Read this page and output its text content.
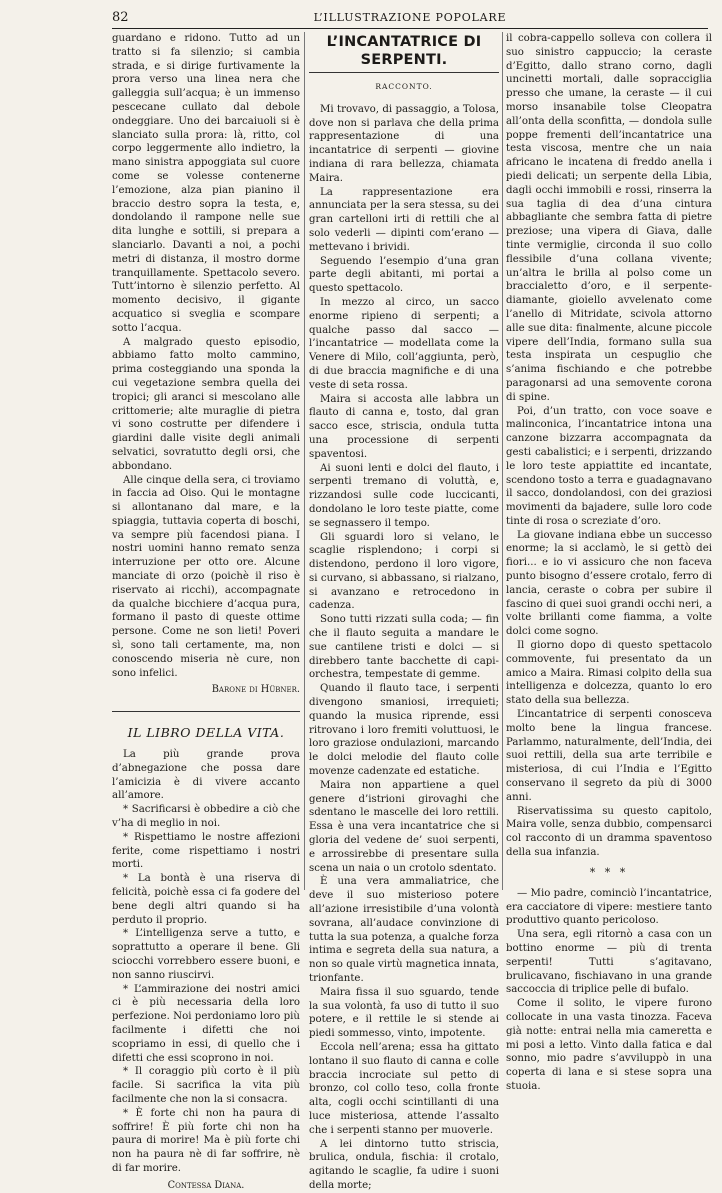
82	L’ILLUSTRAZIONE POPOLARE

guardano e ridono. Tutto ad un tratto si fa silenzio; si cambia strada, e si dirige furtivamente la prora verso una linea nera che galleggia sull’acqua; è un immenso pescecane cullato dal debole ondeggiare. Uno dei barcaiuoli si è slanciato sulla prora: là, ritto, col corpo leggermente allo indietro, la mano sinistra appoggiata sul cuore come se volesse contenerne l’emozione, alza pian pianino il braccio destro sopra la testa, e, dondolando il rampone nelle sue dita lunghe e sottili, si prepara a slanciarlo. Davanti a noi, a pochi metri di distanza, il mostro dorme tranquillamente. Spettacolo severo. Tutt’intorno è silenzio perfetto. Al momento decisivo, il gigante acquatico si sveglia e scompare sotto l’acqua.

A malgrado questo episodio, abbiamo fatto molto cammino, prima costeggiando una sponda la cui vegetazione sembra quella dei tropici; gli aranci si mescolano alle crittomerie; alte muraglie di pietra vi sono costrutte per difendere i giardini dalle visite degli animali selvatici, sovratutto degli orsi, che abbondano.

Alle cinque della sera, ci troviamo in faccia ad Oiso. Qui le montagne si allontanano dal mare, e la spiaggia, tuttavia coperta di boschi, va sempre più facendosi piana. I nostri uomini hanno remato senza interruzione per otto ore. Alcune manciate di orzo (poichè il riso è riservato ai ricchi), accompagnate da qualche bicchiere d’acqua pura, formano il pasto di queste ottime persone. Come ne son lieti! Poveri sì, sono tali certamente, ma, non conoscendo miseria nè cure, non sono infelici.

Barone di Hübner.
IL LIBRO DELLA VITA.

La più grande prova d’abnegazione che possa dare l’amicizia è di vivere accanto all’amore.

* Sacrificarsi è obbedire a ciò che v’ha di meglio in noi.

* Rispettiamo le nostre affezioni ferite, come rispettiamo i nostri morti.

* La bontà è una riserva di felicità, poichè essa ci fa godere del bene degli altri quando si ha perduto il proprio.

* L’intelligenza serve a tutto, e soprattutto a operare il bene. Gli sciocchi vorrebbero essere buoni, e non sanno riuscirvi.

* L’ammirazione dei nostri amici ci è più necessaria della loro perfezione. Noi perdoniamo loro più facilmente i difetti che noi scopriamo in essi, di quello che i difetti che essi scoprono in noi.

* Il coraggio più corto è il più facile. Si sacrifica la vita più facilmente che non la si consacra.

* È forte chi non ha paura di soffrire! È più forte chi non ha paura di morire! Ma è più forte chi non ha paura nè di far soffrire, nè di far morire.

Contessa Diana.
L’INCANTATRICE DI SERPENTI.
RACCONTO.

Mi trovavo, di passaggio, a Tolosa, dove non si parlava che della prima rappresentazione di una incantatrice di serpenti — giovine indiana di rara bellezza, chiamata Maira.

La rappresentazione era annunciata per la sera stessa, su dei gran cartelloni irti di rettili che al solo vederli — dipinti com’erano — mettevano i brividi.

Seguendo l’esempio d’una gran parte degli abitanti, mi portai a questo spettacolo.

In mezzo al circo, un sacco enorme ripieno di serpenti; a qualche passo dal sacco — l’incantatrice — modellata come la Venere di Milo, coll’aggiunta, però, di due braccia magnifiche e di una veste di seta rossa.

Maira si accosta alle labbra un flauto di canna e, tosto, dal gran sacco esce, striscia, ondula tutta una processione di serpenti spaventosi.

Ai suoni lenti e dolci del flauto, i serpenti tremano di voluttà, e, rizzandosi sulle code luccicanti, dondolano le loro teste piatte, come se segnassero il tempo.

Gli sguardi loro si velano, le scaglie risplendono; i corpi si distendono, perdono il loro vigore, si curvano, si abbassano, si rialzano, si avanzano e retrocedono in cadenza.

Sono tutti rizzati sulla coda; — fin che il flauto seguita a mandare le sue cantilene tristi e dolci — si direbbero tante bacchette di capi-orchestra, tempestate di gemme.

Quando il flauto tace, i serpenti divengono smaniosi, irrequieti; quando la musica riprende, essi ritrovano i loro fremiti voluttuosi, le loro graziose ondulazioni, marcando le dolci melodie del flauto colle movenze cadenzate ed estatiche.

Maira non appartiene a quel genere d’istrioni girovaghi che sdentano le mascelle dei loro rettili. Essa è una vera incantatrice che si gloria del vedene de’ suoi serpenti, e arrossirebbe di presentare sulla scena un naia o un crotolo sdentato.

È una vera ammaliatrice, che deve il suo misterioso potere all’azione irresistibile d’una volontà sovrana, all’audace convinzione di tutta la sua potenza, a qualche forza intima e segreta della sua natura, a non so quale virtù magnetica innata, trionfante.

Maira fissa il suo sguardo, tende la sua volontà, fa uso di tutto il suo potere, e il rettile le si stende ai piedi sommesso, vinto, impotente.

Eccola nell’arena; essa ha gittato lontano il suo flauto di canna e colle braccia incrociate sul petto di bronzo, col collo teso, colla fronte alta, cogli occhi scintillanti di una luce misteriosa, attende l’assalto che i serpenti stanno per muoverle.

A lei dintorno tutto striscia, brulica, ondula, fischia: il crotalo, agitando le scaglie, fa udire i suoni della morte;

il cobra-cappello solleva con collera il suo sinistro cappuccio; la ceraste d’Egitto, dallo strano corno, dagli uncinetti mortali, dalle sopracciglia presso che umane, la ceraste — il cui morso insanabile tolse Cleopatra all’onta della sconfitta, — dondola sulle poppe frementi dell’incantatrice una testa viscosa, mentre che un naia africano le incatena di freddo anella i piedi delicati; un serpente della Libia, dagli occhi immobili e rossi, rinserra la sua taglia di dea d’una cintura abbagliante che sembra fatta di pietre preziose; una vipera di Giava, dalle tinte vermiglie, circonda il suo collo flessibile d’una collana vivente; un’altra le brilla al polso come un braccialetto d’oro, e il serpente-diamante, gioiello avvelenato come l’anello di Mitridate, scivola attorno alle sue dita: finalmente, alcune piccole vipere dell’India, formano sulla sua testa inspirata un cespuglio che s’anima fischiando e che potrebbe paragonarsi ad una semovente corona di spine.

Poi, d’un tratto, con voce soave e malinconica, l’incantatrice intona una canzone bizzarra accompagnata da gesti cabalistici; e i serpenti, drizzando le loro teste appiattite ed incantate, scendono tosto a terra e guadagnavano il sacco, dondolandosi, con dei graziosi movimenti da bajadere, sulle loro code tinte di rosa o screziate d’oro.

La giovane indiana ebbe un successo enorme; la si acclamò, le si gettò dei fiori... e io vi assicuro che non faceva punto bisogno d’essere crotalo, ferro di lancia, ceraste o cobra per subire il fascino di quei suoi grandi occhi neri, a volte brillanti come fiamma, a volte dolci come sogno.

Il giorno dopo di questo spettacolo commovente, fui presentato da un amico a Maira. Rimasi colpito della sua intelligenza e dolcezza, quanto lo ero stato della sua bellezza.

L’incantatrice di serpenti conosceva molto bene la lingua francese. Parlammo, naturalmente, dell’India, dei suoi rettili, della sua arte terribile e misteriosa, di cui l’India e l’Egitto conservano il segreto da più di 3000 anni.

Riservatissima su questo capitolo, Maira volle, senza dubbio, compensarci col racconto di un dramma spaventoso della sua infanzia.

* * *

— Mio padre, cominciò l’incantatrice, era cacciatore di vipere: mestiere tanto produttivo quanto pericoloso.

Una sera, egli ritornò a casa con un bottino enorme — più di trenta serpenti! Tutti s’agitavano, brulicavano, fischiavano in una grande saccoccia di triplice pelle di bufalo.

Come il solito, le vipere furono collocate in una vasta tinozza. Faceva già notte: entrai nella mia cameretta e mi posi a letto. Vinto dalla fatica e dal sonno, mio padre s’avviluppò in una coperta di lana e si stese sopra una stuoia.
